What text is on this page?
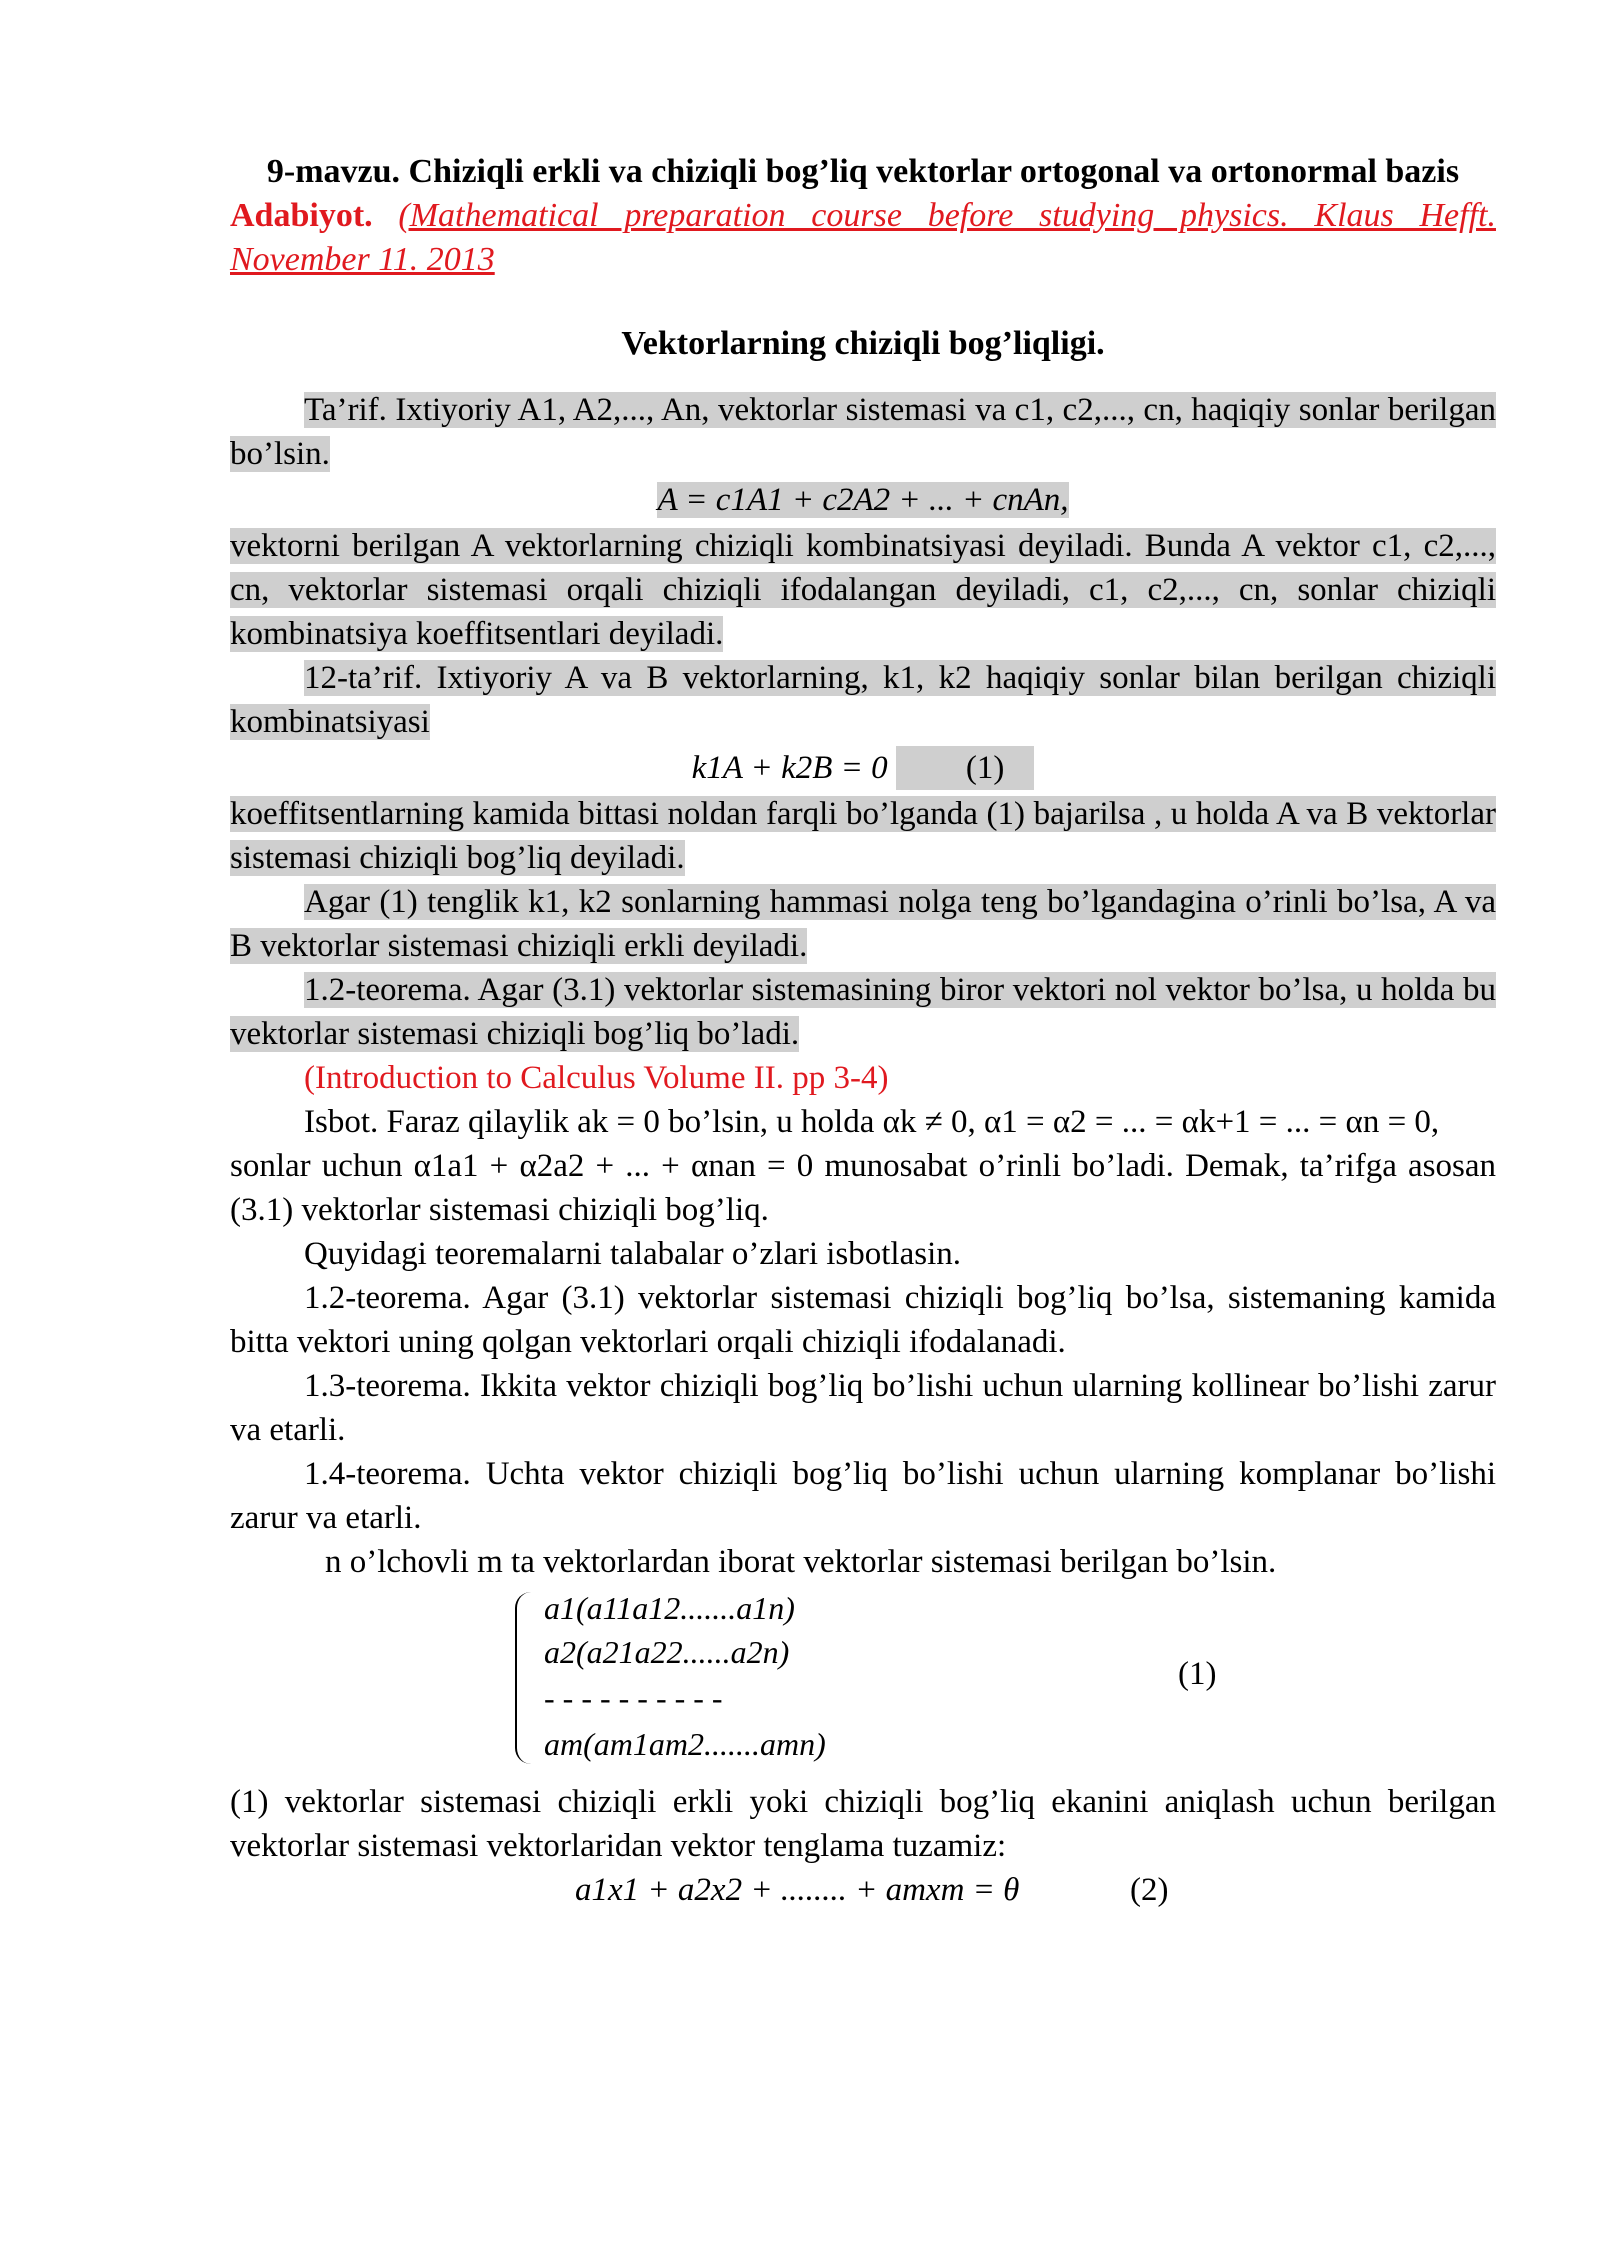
9-mavzu. Chiziqli erkli va chiziqli bog’liq vektorlar ortogonal va ortonormal bazis

Adabiyot. (Mathematical preparation course before studying physics. Klaus Hefft. November 11. 2013

Vektorlarning chiziqli bog’liqligi.

Ta’rif. Ixtiyoriy A1, A2,..., An, vektorlar sistemasi va c1, c2,..., cn, haqiqiy sonlar berilgan bo’lsin.

A = c1A1 + c2A2 + ... + cnAn,

vektorni berilgan A vektorlarning chiziqli kombinatsiyasi deyiladi. Bunda A vektor c1, c2,..., cn, vektorlar sistemasi orqali chiziqli ifodalangan deyiladi, c1, c2,..., cn, sonlar chiziqli kombinatsiya koeffitsentlari deyiladi.

12-ta’rif. Ixtiyoriy A va B vektorlarning, k1, k2 haqiqiy sonlar bilan berilgan chiziqli kombinatsiyasi

k1A + k2B = 0 (1)

koeffitsentlarning kamida bittasi noldan farqli bo’lganda (1) bajarilsa , u holda A va B vektorlar sistemasi chiziqli bog’liq deyiladi.

Agar (1) tenglik k1, k2 sonlarning hammasi nolga teng bo’lgandagina o’rinli bo’lsa, A va B vektorlar sistemasi chiziqli erkli deyiladi.

1.2-teorema. Agar (3.1) vektorlar sistemasining biror vektori nol vektor bo’lsa, u holda bu vektorlar sistemasi chiziqli bog’liq bo’ladi.

(Introduction to Calculus Volume II. pp 3-4)

Isbot. Faraz qilaylik ak = 0 bo’lsin, u holda αk ≠ 0, α1 = α2 = ... = αk+1 = ... = αn = 0,

sonlar uchun α1a1 + α2a2 + ... + αnan = 0 munosabat o’rinli bo’ladi. Demak, ta’rifga asosan (3.1) vektorlar sistemasi chiziqli bog’liq.

Quyidagi teoremalarni talabalar o’zlari isbotlasin.

1.2-teorema. Agar (3.1) vektorlar sistemasi chiziqli bog’liq bo’lsa, sistemaning kamida bitta vektori uning qolgan vektorlari orqali chiziqli ifodalanadi.

1.3-teorema. Ikkita vektor chiziqli bog’liq bo’lishi uchun ularning kollinear bo’lishi zarur va etarli.

1.4-teorema. Uchta vektor chiziqli bog’liq bo’lishi uchun ularning komplanar bo’lishi zarur va etarli.

n o’lchovli m ta vektorlardan iborat vektorlar sistemasi berilgan bo’lsin.

a1(a11a12.......a1n)
a2(a21a22......a2n)
- - - - - - - - - -
am(am1am2.......amn)
(1)

(1) vektorlar sistemasi chiziqli erkli yoki chiziqli bog’liq ekanini aniqlash uchun berilgan vektorlar sistemasi vektorlaridan vektor tenglama tuzamiz:

a1x1 + a2x2 + ........ + amxm = θ	(2)
